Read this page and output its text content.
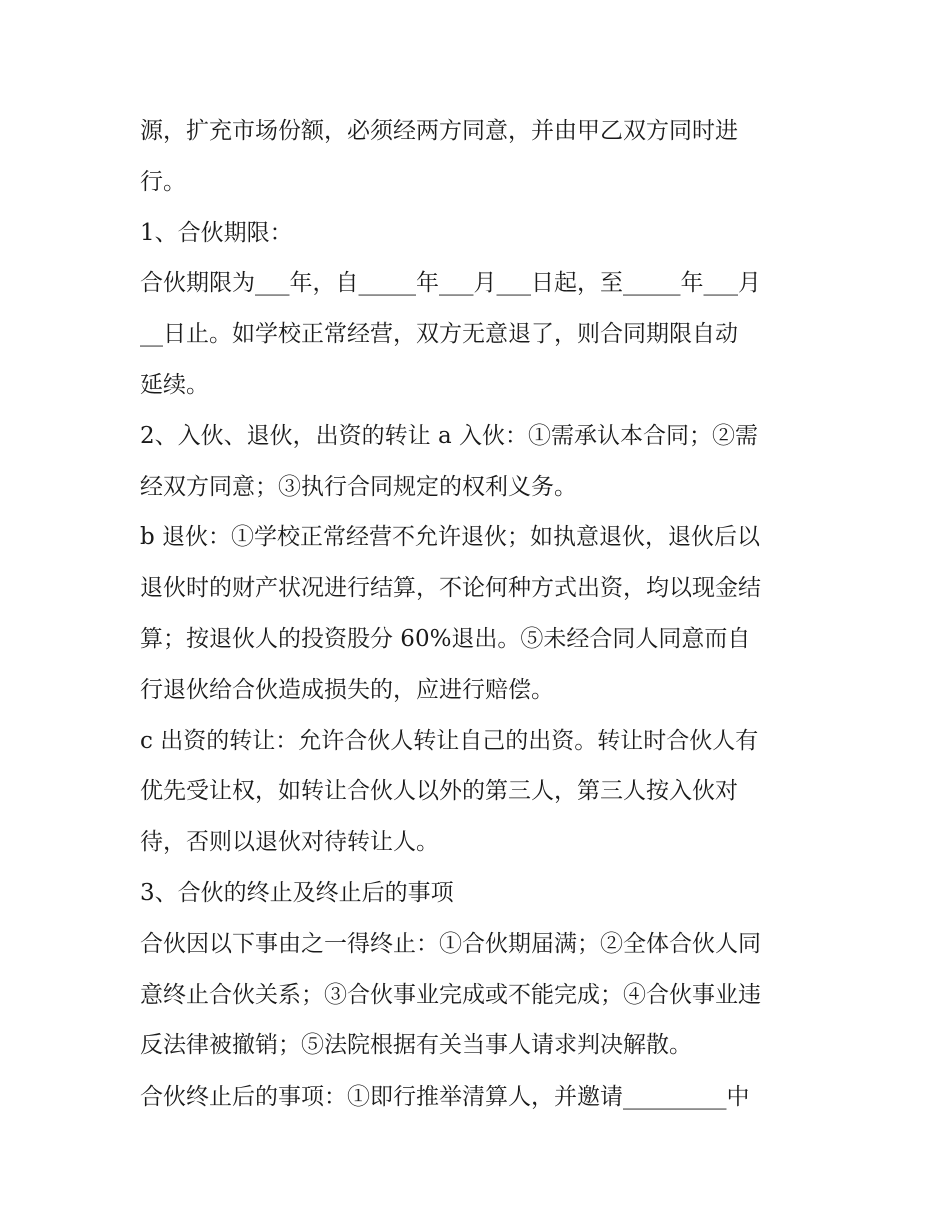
源，扩充市场份额，必须经两方同意，并由甲乙双方同时进

行。

1、合伙期限：

合伙期限为___年，自_____年___月___日起，至_____年___月

__日止。如学校正常经营，双方无意退了，则合同期限自动

延续。

2、入伙、退伙，出资的转让 a 入伙：①需承认本合同；②需

经双方同意；③执行合同规定的权利义务。

b 退伙：①学校正常经营不允许退伙；如执意退伙，退伙后以

退伙时的财产状况进行结算，不论何种方式出资，均以现金结

算；按退伙人的投资股分 60%退出。⑤未经合同人同意而自

行退伙给合伙造成损失的，应进行赔偿。

c 出资的转让：允许合伙人转让自己的出资。转让时合伙人有

优先受让权，如转让合伙人以外的第三人，第三人按入伙对

待，否则以退伙对待转让人。

3、合伙的终止及终止后的事项

合伙因以下事由之一得终止：①合伙期届满；②全体合伙人同

意终止合伙关系；③合伙事业完成或不能完成；④合伙事业违

反法律被撤销；⑤法院根据有关当事人请求判决解散。

合伙终止后的事项：①即行推举清算人，并邀请_________中
